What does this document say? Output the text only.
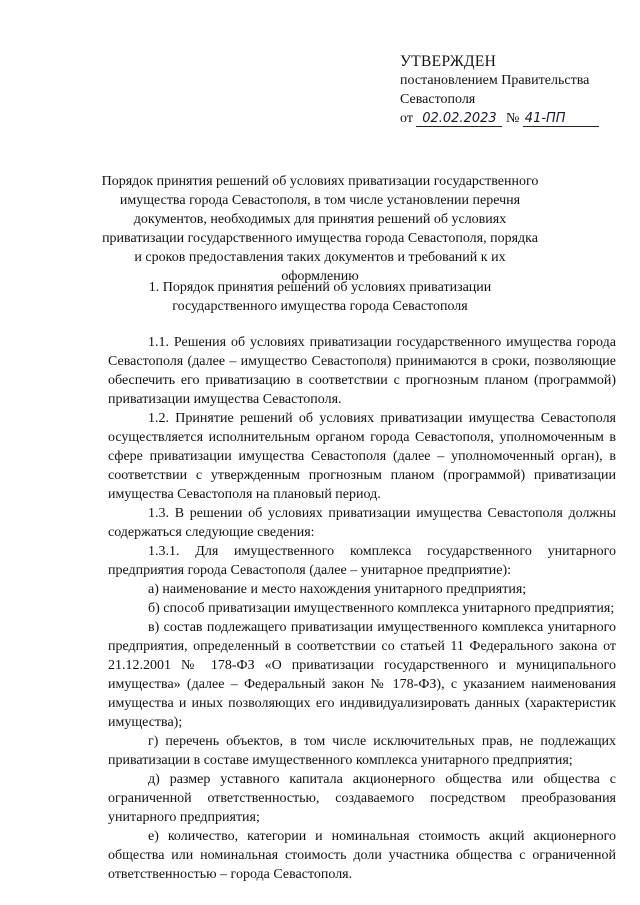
УТВЕРЖДЕН
постановлением Правительства
Севастополя
от 02.02.2023 № 41-ПП
Порядок принятия решений об условиях приватизации государственного имущества города Севастополя, в том числе установлении перечня документов, необходимых для принятия решений об условиях приватизации государственного имущества города Севастополя, порядка и сроков предоставления таких документов и требований к их оформлению
1. Порядок принятия решений об условиях приватизации государственного имущества города Севастополя

1.1. Решения об условиях приватизации государственного имущества города Севастополя (далее – имущество Севастополя) принимаются в сроки, позволяющие обеспечить его приватизацию в соответствии с прогнозным планом (программой) приватизации имущества Севастополя.

1.2. Принятие решений об условиях приватизации имущества Севастополя осуществляется исполнительным органом города Севастополя, уполномоченным в сфере приватизации имущества Севастополя (далее – уполномоченный орган), в соответствии с утвержденным прогнозным планом (программой) приватизации имущества Севастополя на плановый период.

1.3. В решении об условиях приватизации имущества Севастополя должны содержаться следующие сведения:

1.3.1. Для имущественного комплекса государственного унитарного предприятия города Севастополя (далее – унитарное предприятие):

а) наименование и место нахождения унитарного предприятия;

б) способ приватизации имущественного комплекса унитарного предприятия;

в) состав подлежащего приватизации имущественного комплекса унитарного предприятия, определенный в соответствии со статьей 11 Федерального закона от 21.12.2001 № 178-ФЗ «О приватизации государственного и муниципального имущества» (далее – Федеральный закон № 178-ФЗ), с указанием наименования имущества и иных позволяющих его индивидуализировать данных (характеристик имущества);

г) перечень объектов, в том числе исключительных прав, не подлежащих приватизации в составе имущественного комплекса унитарного предприятия;

д) размер уставного капитала акционерного общества или общества с ограниченной ответственностью, создаваемого посредством преобразования унитарного предприятия;

е) количество, категории и номинальная стоимость акций акционерного общества или номинальная стоимость доли участника общества с ограниченной ответственностью – города Севастополя.
